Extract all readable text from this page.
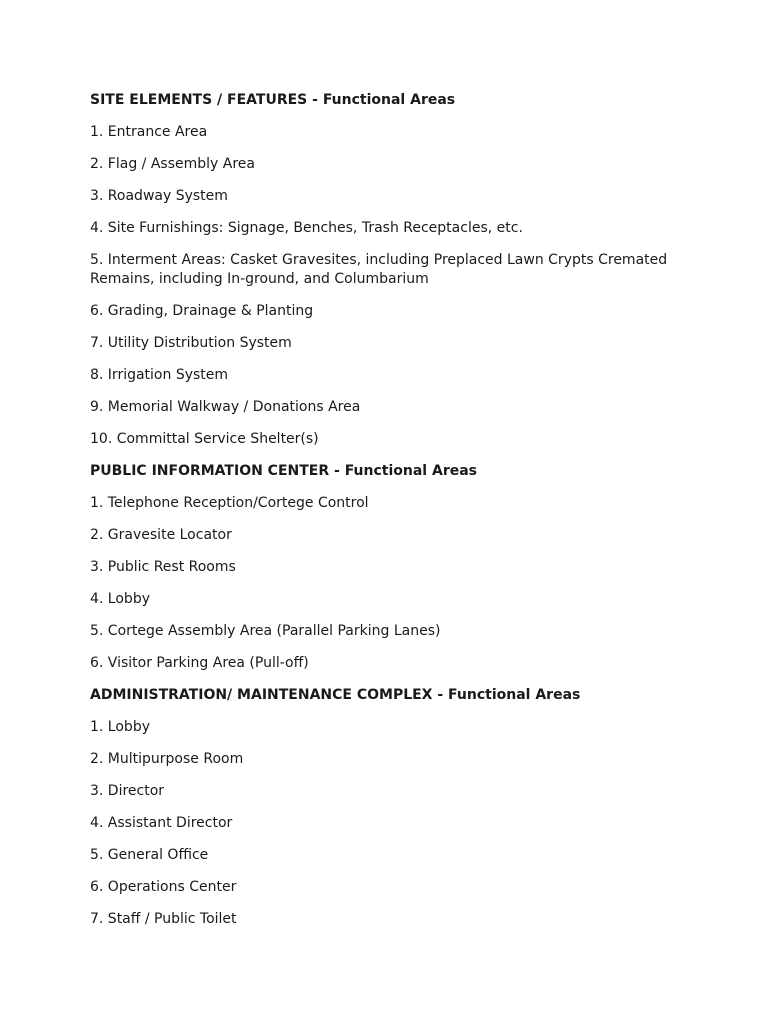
SITE ELEMENTS / FEATURES - Functional Areas

1. Entrance Area

2. Flag / Assembly Area

3. Roadway System

4. Site Furnishings: Signage, Benches, Trash Receptacles, etc.

5. Interment Areas: Casket Gravesites, including Preplaced Lawn Crypts Cremated Remains, including In-ground, and Columbarium

6. Grading, Drainage & Planting

7. Utility Distribution System

8. Irrigation System

9. Memorial Walkway / Donations Area

10. Committal Service Shelter(s)

PUBLIC INFORMATION CENTER - Functional Areas

1. Telephone Reception/Cortege Control

2. Gravesite Locator

3. Public Rest Rooms

4. Lobby

5. Cortege Assembly Area (Parallel Parking Lanes)

6. Visitor Parking Area (Pull-off)

ADMINISTRATION/ MAINTENANCE COMPLEX - Functional Areas

1. Lobby

2. Multipurpose Room

3. Director

4. Assistant Director

5. General Office

6. Operations Center

7. Staff / Public Toilet
